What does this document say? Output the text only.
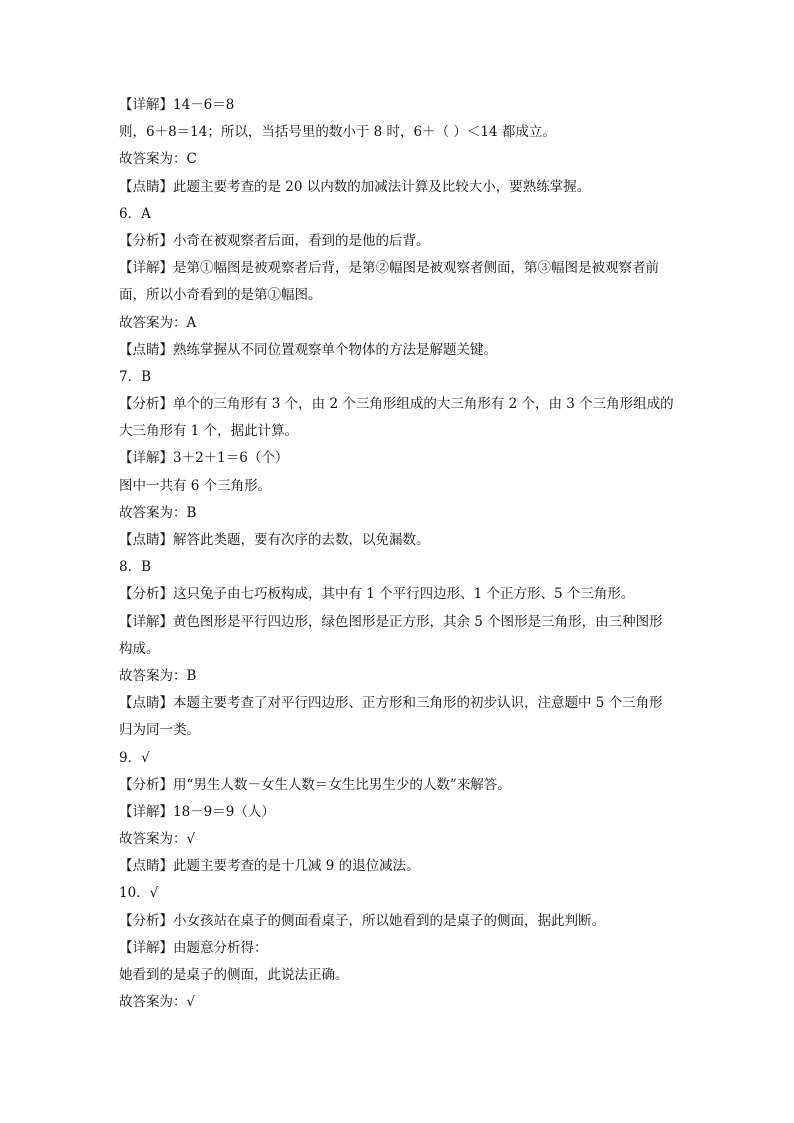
【详解】14－6＝8
则，6＋8＝14；所以，当括号里的数小于 8 时，6＋（ ）＜14 都成立。
故答案为：C
【点睛】此题主要考查的是 20 以内数的加减法计算及比较大小，要熟练掌握。
6．A
【分析】小奇在被观察者后面，看到的是他的后背。
【详解】是第①幅图是被观察者后背，是第②幅图是被观察者侧面，第③幅图是被观察者前
面，所以小奇看到的是第①幅图。
故答案为：A
【点睛】熟练掌握从不同位置观察单个物体的方法是解题关键。
7．B
【分析】单个的三角形有 3 个，由 2 个三角形组成的大三角形有 2 个，由 3 个三角形组成的
大三角形有 1 个，据此计算。
【详解】3＋2＋1＝6（个）
图中一共有 6 个三角形。
故答案为：B
【点睛】解答此类题，要有次序的去数，以免漏数。
8．B
【分析】这只兔子由七巧板构成，其中有 1 个平行四边形、1 个正方形、5 个三角形。
【详解】黄色图形是平行四边形，绿色图形是正方形，其余 5 个图形是三角形，由三种图形
构成。
故答案为：B
【点睛】本题主要考查了对平行四边形、正方形和三角形的初步认识，注意题中 5 个三角形
归为同一类。
9．√
【分析】用“男生人数－女生人数＝女生比男生少的人数”来解答。
【详解】18－9＝9（人）
故答案为：√
【点睛】此题主要考查的是十几减 9 的退位减法。
10．√
【分析】小女孩站在桌子的侧面看桌子，所以她看到的是桌子的侧面，据此判断。
【详解】由题意分析得：
她看到的是桌子的侧面，此说法正确。
故答案为：√
